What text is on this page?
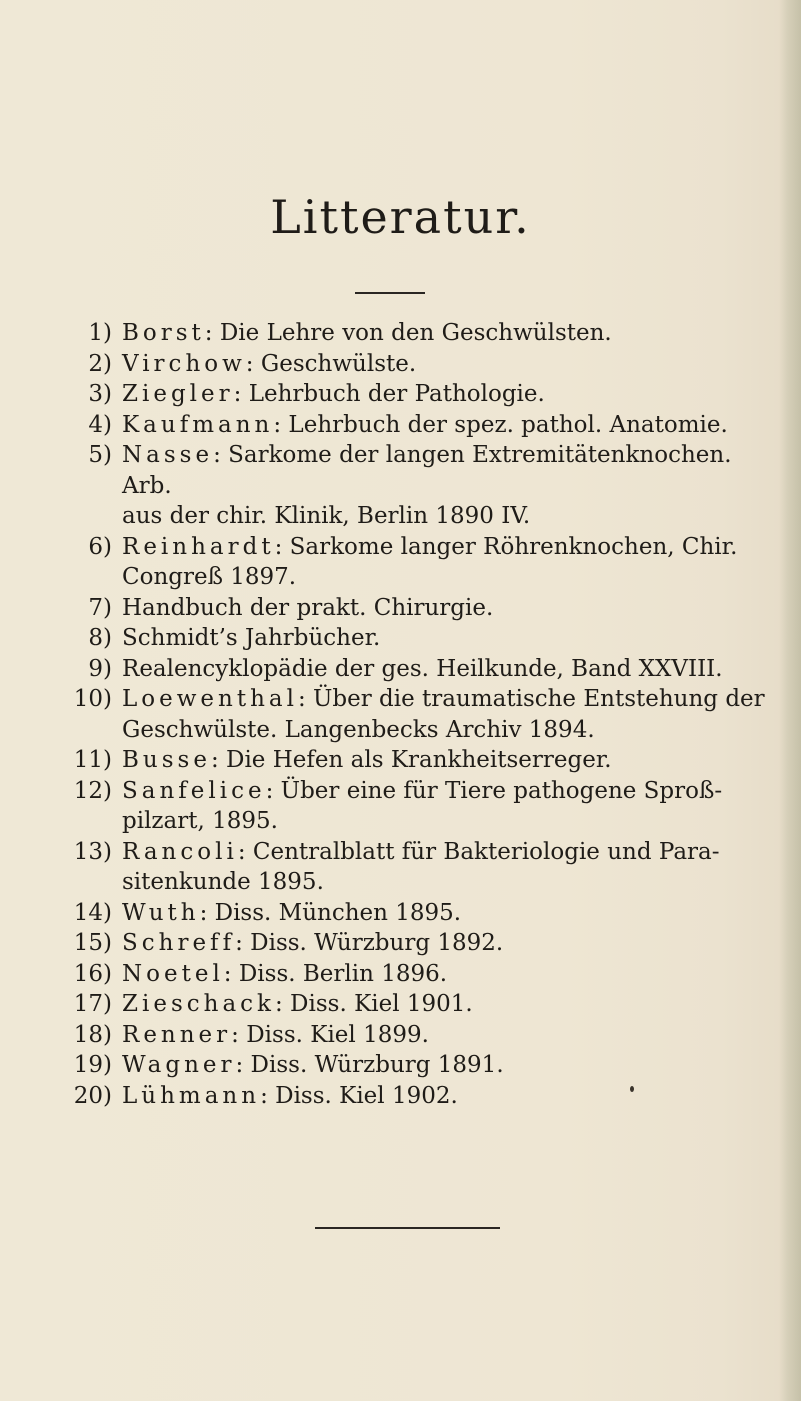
Litteratur.
1) Borst: Die Lehre von den Geschwülsten.
2) Virchow: Geschwülste.
3) Ziegler: Lehrbuch der Pathologie.
4) Kaufmann: Lehrbuch der spez. pathol. Anatomie.
5) Nasse: Sarkome der langen Extremitätenknochen. Arb.
aus der chir. Klinik, Berlin 1890 IV.
6) Reinhardt: Sarkome langer Röhrenknochen, Chir.
Congreß 1897.
7) Handbuch der prakt. Chirurgie.
8) Schmidt’s Jahrbücher.
9) Realencyklopädie der ges. Heilkunde, Band XXVIII.
10) Loewenthal: Über die traumatische Entstehung der
Geschwülste. Langenbecks Archiv 1894.
11) Busse: Die Hefen als Krankheitserreger.
12) Sanfelice: Über eine für Tiere pathogene Sproß-
pilzart, 1895.
13) Rancoli: Centralblatt für Bakteriologie und Para-
sitenkunde 1895.
14) Wuth: Diss. München 1895.
15) Schreff: Diss. Würzburg 1892.
16) Noetel: Diss. Berlin 1896.
17) Zieschack: Diss. Kiel 1901.
18) Renner: Diss. Kiel 1899.
19) Wagner: Diss. Würzburg 1891.
20) Lühmann: Diss. Kiel 1902.
